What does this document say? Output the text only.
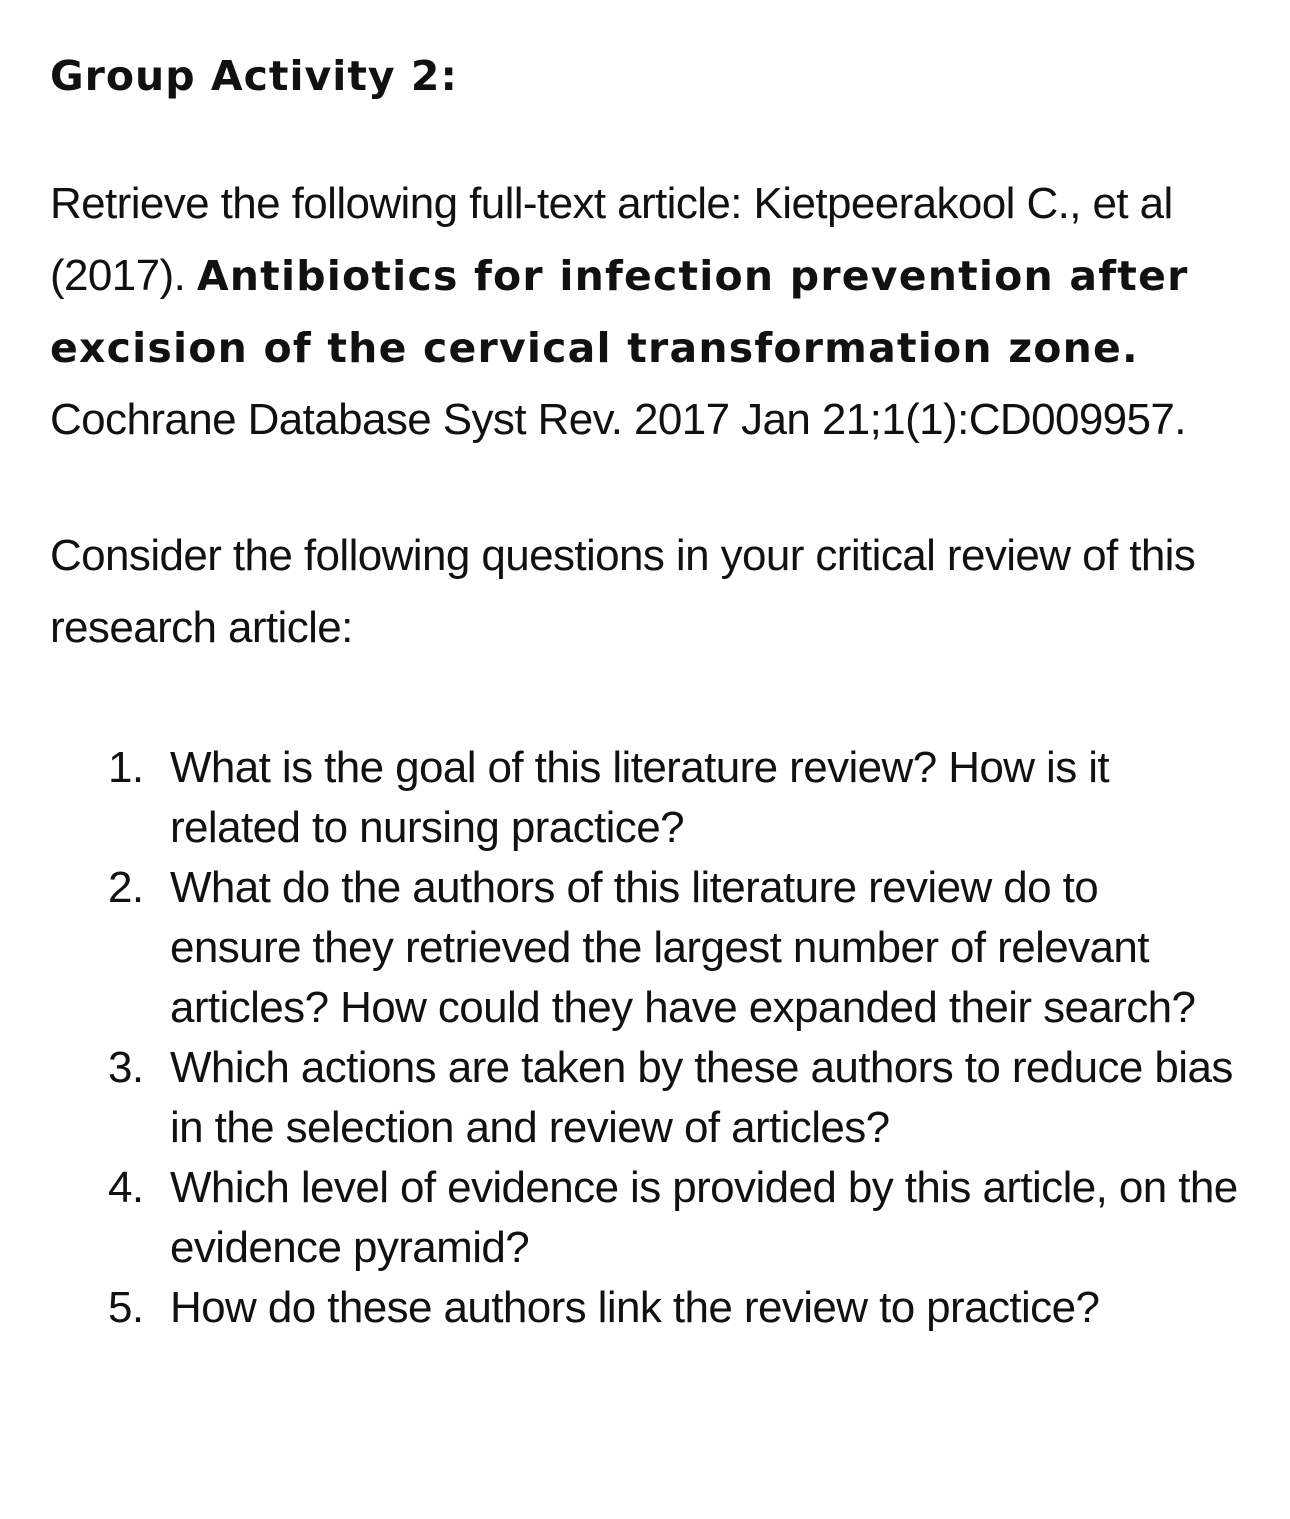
Group Activity 2:

Retrieve the following full-text article: Kietpeerakool C., et al (2017). Antibiotics for infection prevention after excision of the cervical transformation zone. Cochrane Database Syst Rev. 2017 Jan 21;1(1):CD009957.

Consider the following questions in your critical review of this research article:

1. What is the goal of this literature review? How is it related to nursing practice?
2. What do the authors of this literature review do to ensure they retrieved the largest number of relevant articles? How could they have expanded their search?
3. Which actions are taken by these authors to reduce bias in the selection and review of articles?
4. Which level of evidence is provided by this article, on the evidence pyramid?
5. How do these authors link the review to practice?
